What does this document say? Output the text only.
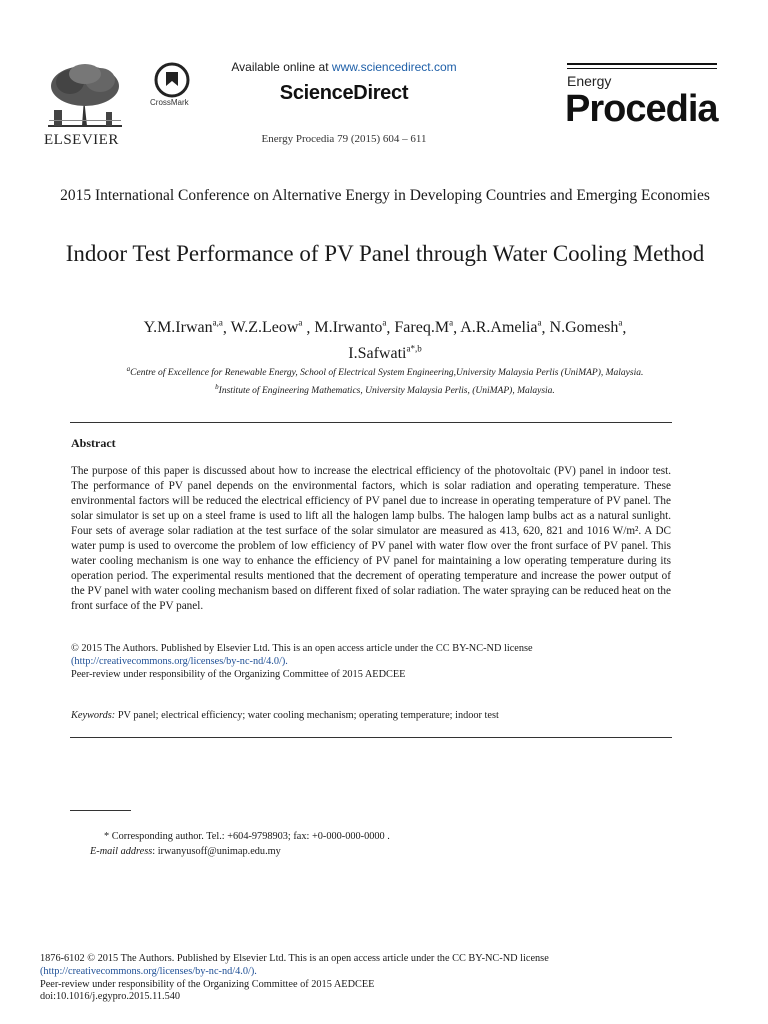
ELSEVIER
CrossMark
Available online at www.sciencedirect.com
ScienceDirect
Energy Procedia 79 (2015) 604 – 611
Energy
Procedia
2015 International Conference on Alternative Energy in Developing Countries and Emerging Economies
Indoor Test Performance of PV Panel through Water Cooling Method
Y.M.Irwan$^{a,a}$, W.Z.Leow$^a$ , M.Irwanto$^a$, $Fareq.M^a$, A.R.Amelia$^a$, N.Gomesh$^a$,
I.Safwati$^{a*,b}$
$^a$Centre of Excellence for Renewable Energy, School of Electrical System Engineering,University Malaysia Perlis (UniMAP), Malaysia.
$^b$Institute of Engineering Mathematics, University Malaysia Perlis, (UniMAP), Malaysia.
Abstract
The purpose of this paper is discussed about how to increase the electrical efficiency of the photovoltaic (PV) panel in indoor test. The performance of PV panel depends on the environmental factors, which is solar radiation and operating temperature. These environmental factors will be reduced the electrical efficiency of PV panel due to increase in operating temperature of PV panel. The solar simulator is set up on a steel frame is used to lift all the halogen lamp bulbs. The halogen lamp bulbs act as a natural sunlight. Four sets of average solar radiation at the test surface of the solar simulator are measured as 413, 620, 821 and 1016 W/m². A DC water pump is used to overcome the problem of low efficiency of PV panel with water flow over the front surface of PV panel. This water cooling mechanism is one way to enhance the efficiency of PV panel for maintaining a low operating temperature during its operation period. The experimental results mentioned that the decrement of operating temperature and increase the power output of the PV panel with water cooling mechanism based on different fixed of solar radiation. The water spraying can be reduced heat on the front surface of the PV panel.
© 2015 The Authors. Published by Elsevier Ltd. This is an open access article under the CC BY-NC-ND license
(http://creativecommons.org/licenses/by-nc-nd/4.0/).
Peer-review under responsibility of the Organizing Committee of 2015 AEDCEE
Keywords: PV panel; electrical efficiency; water cooling mechanism; operating temperature; indoor test
* Corresponding author. Tel.: +604-9798903; fax: +0-000-000-0000 .
E-mail address: irwanyusoff@unimap.edu.my
1876-6102 © 2015 The Authors. Published by Elsevier Ltd. This is an open access article under the CC BY-NC-ND license
(http://creativecommons.org/licenses/by-nc-nd/4.0/).
Peer-review under responsibility of the Organizing Committee of 2015 AEDCEE
doi:10.1016/j.egypro.2015.11.540
